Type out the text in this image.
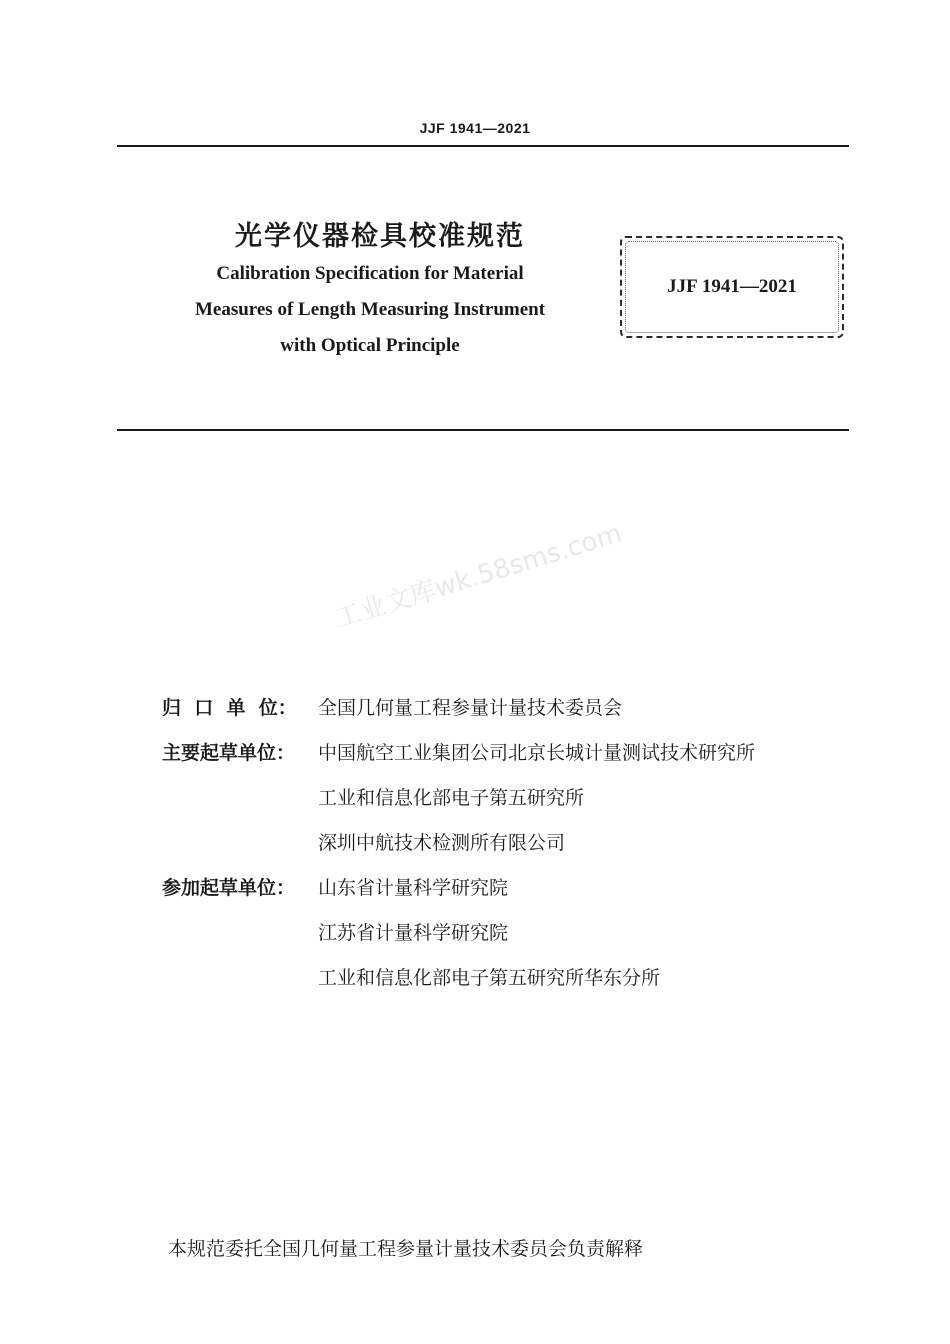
JJF 1941—2021
光学仪器检具校准规范
Calibration Specification for Material
Measures of Length Measuring Instrument
with Optical Principle
JJF 1941—2021
工业文库wk.58sms.com
归  口  单  位：	全国几何量工程参量计量技术委员会
主要起草单位：	中国航空工业集团公司北京长城计量测试技术研究所
工业和信息化部电子第五研究所
深圳中航技术检测所有限公司
参加起草单位：	山东省计量科学研究院
江苏省计量科学研究院
工业和信息化部电子第五研究所华东分所
本规范委托全国几何量工程参量计量技术委员会负责解释
